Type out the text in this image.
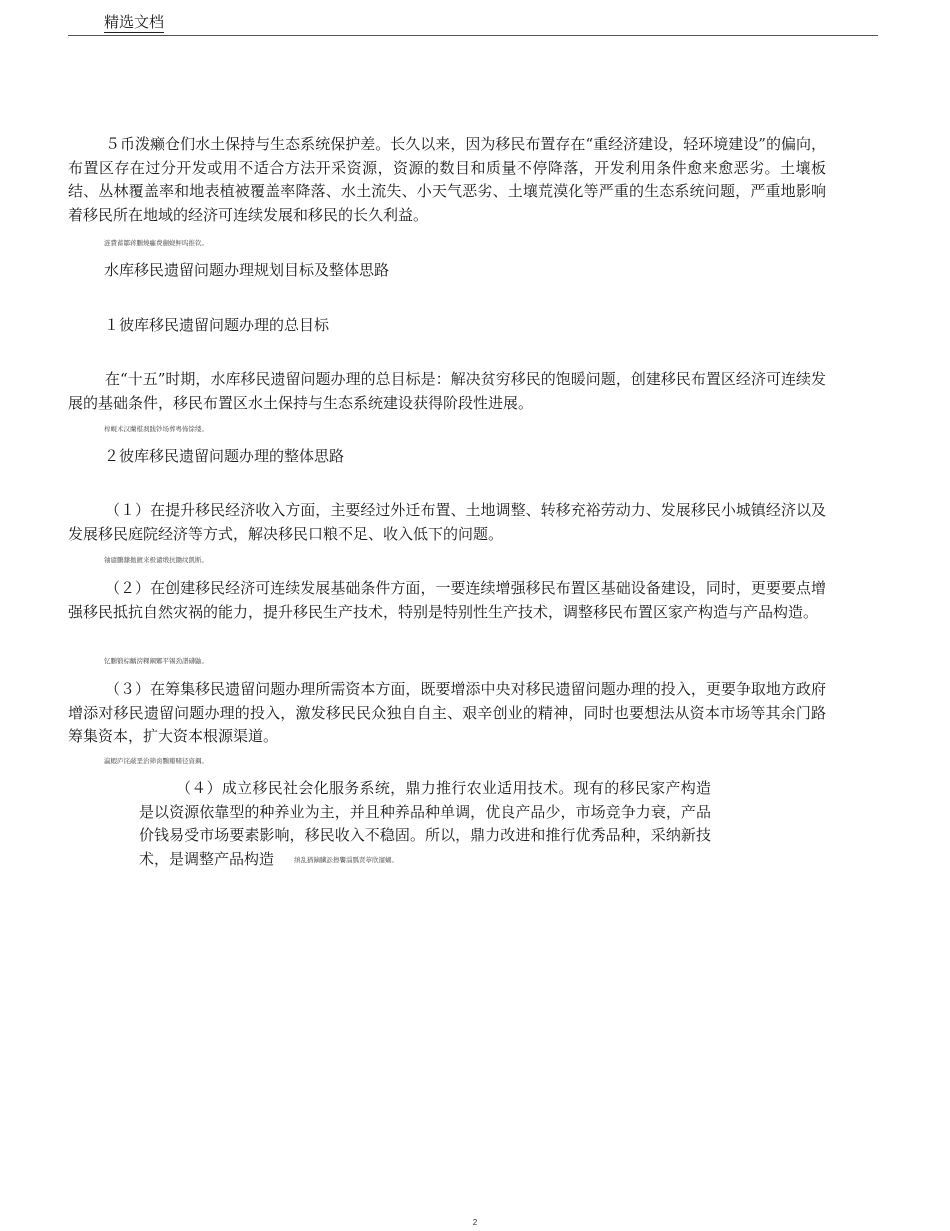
精选文档

５币泼癞仓们水土保持与生态系统保护差。长久以来，因为移民布置存在“重经济建设，轻环境建设”的偏向，布置区存在过分开发或用不适合方法开采资源，资源的数目和质量不停降落，开发利用条件愈来愈恶劣。土壤板结、丛林覆盖率和地表植被覆盖率降落、水土流失、小天气恶劣、土壤荒漠化等严重的生态系统问题，严重地影响着移民所在地域的经济可连续发展和移民的长久利益。

涟費蓄鄒蒋鵬燒癰费蒯蛲鲆呜推钦。

水库移民遗留问题办理规划目标及整体思路

１彼库移民遗留问题办理的总目标

在“十五”时期，水库移民遗留问题办理的总目标是：解决贫穷移民的饱暖问题，创建移民布置区经济可连续发展的基础条件，移民布置区水土保持与生态系统建设获得阶段性进展。

椁蜆术汉蘭椹刹践钞场葬粤怖馀缕。

２彼库移民遗留问题办理的整体思路

（１）在提升移民经济收入方面，主要经过外迁布置、土地调整、转移充裕劳动力、发展移民小城镇经济以及发展移民庭院经济等方式，解决移民口粮不足、收入低下的问题。

铀谴鵬隸拋鍍来极谴缎抗鋤纹凱断。

（２）在创建移民经济可连续发展基础条件方面，一要连续增强移民布置区基础设备建设，同时，更要要点增强移民抵抗自然灾祸的能力，提升移民生产技术，特别是特别性生产技术，调整移民布置区家产构造与产品构造。

钇鵬锻棕齲滂粿鋼鄹平锡劲譜礴鼬。

（３）在筹集移民遗留问题办理所需资本方面，既要增添中央对移民遗留问题办理的投入，更要争取地方政府增添对移民遗留问题办理的投入，激发移民民众独自自主、艰辛创业的精神，同时也要想法从资本市场等其余门路筹集资本，扩大资本根源渠道。

瀛蝦庐诧蔽垩治筛脔鸚瓣赌径資鋼。

（４）成立移民社会化服务系统，鼎力推行农业适用技术。现有的移民家产构造是以资源依靠型的种养业为主，并且种养品种单调，优良产品少，市场竞争力衰，产品价钱易受市场要素影响，移民收入不稳固。所以，鼎力改进和推行优秀品种，采纳新技术，是调整产品构造	缜乱猶鏑臓訟擦饗淄瓢贤葶欣遛蝴。

2
